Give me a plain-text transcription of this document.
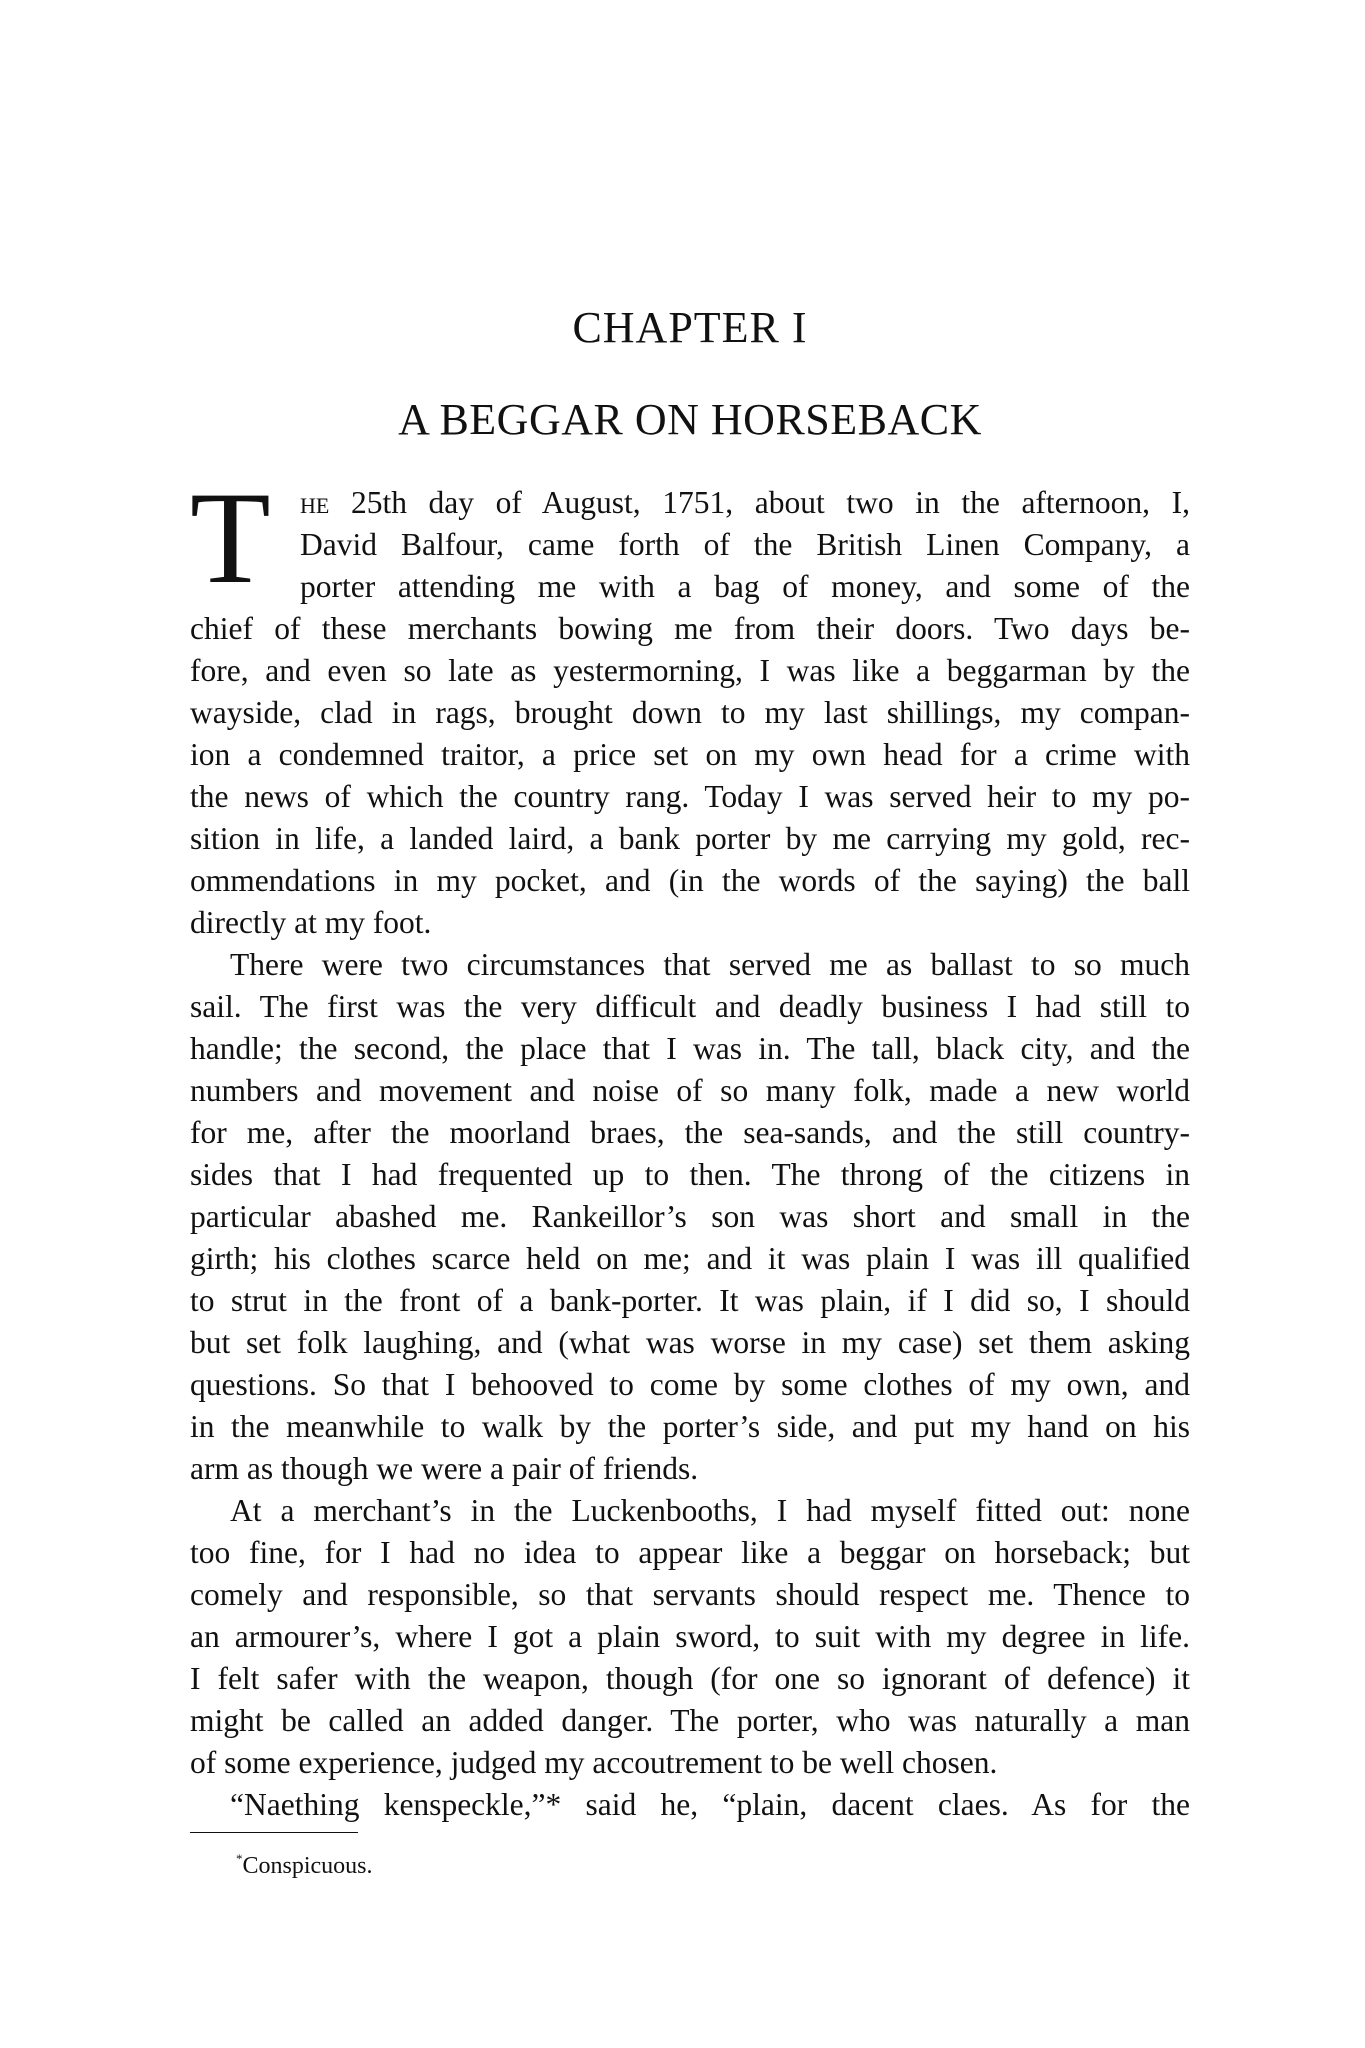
CHAPTER I
A BEGGAR ON HORSEBACK
T he 25th day of August, 1751, about two in the afternoon, I,
David Balfour, came forth of the British Linen Company, a
porter attending me with a bag of money, and some of the
chief of these merchants bowing me from their doors. Two days be-
fore, and even so late as yestermorning, I was like a beggarman by the
wayside, clad in rags, brought down to my last shillings, my compan-
ion a condemned traitor, a price set on my own head for a crime with
the news of which the country rang. Today I was served heir to my po-
sition in life, a landed laird, a bank porter by me carrying my gold, rec-
ommendations in my pocket, and (in the words of the saying) the ball
directly at my foot.
There were two circumstances that served me as ballast to so much
sail. The first was the very difficult and deadly business I had still to
handle; the second, the place that I was in. The tall, black city, and the
numbers and movement and noise of so many folk, made a new world
for me, after the moorland braes, the sea-sands, and the still country-
sides that I had frequented up to then. The throng of the citizens in
particular abashed me. Rankeillor’s son was short and small in the
girth; his clothes scarce held on me; and it was plain I was ill qualified
to strut in the front of a bank-porter. It was plain, if I did so, I should
but set folk laughing, and (what was worse in my case) set them asking
questions. So that I behooved to come by some clothes of my own, and
in the meanwhile to walk by the porter’s side, and put my hand on his
arm as though we were a pair of friends.
At a merchant’s in the Luckenbooths, I had myself fitted out: none
too fine, for I had no idea to appear like a beggar on horseback; but
comely and responsible, so that servants should respect me. Thence to
an armourer’s, where I got a plain sword, to suit with my degree in life.
I felt safer with the weapon, though (for one so ignorant of defence) it
might be called an added danger. The porter, who was naturally a man
of some experience, judged my accoutrement to be well chosen.
“Naething kenspeckle,”* said he, “plain, dacent claes. As for the
*Conspicuous.
